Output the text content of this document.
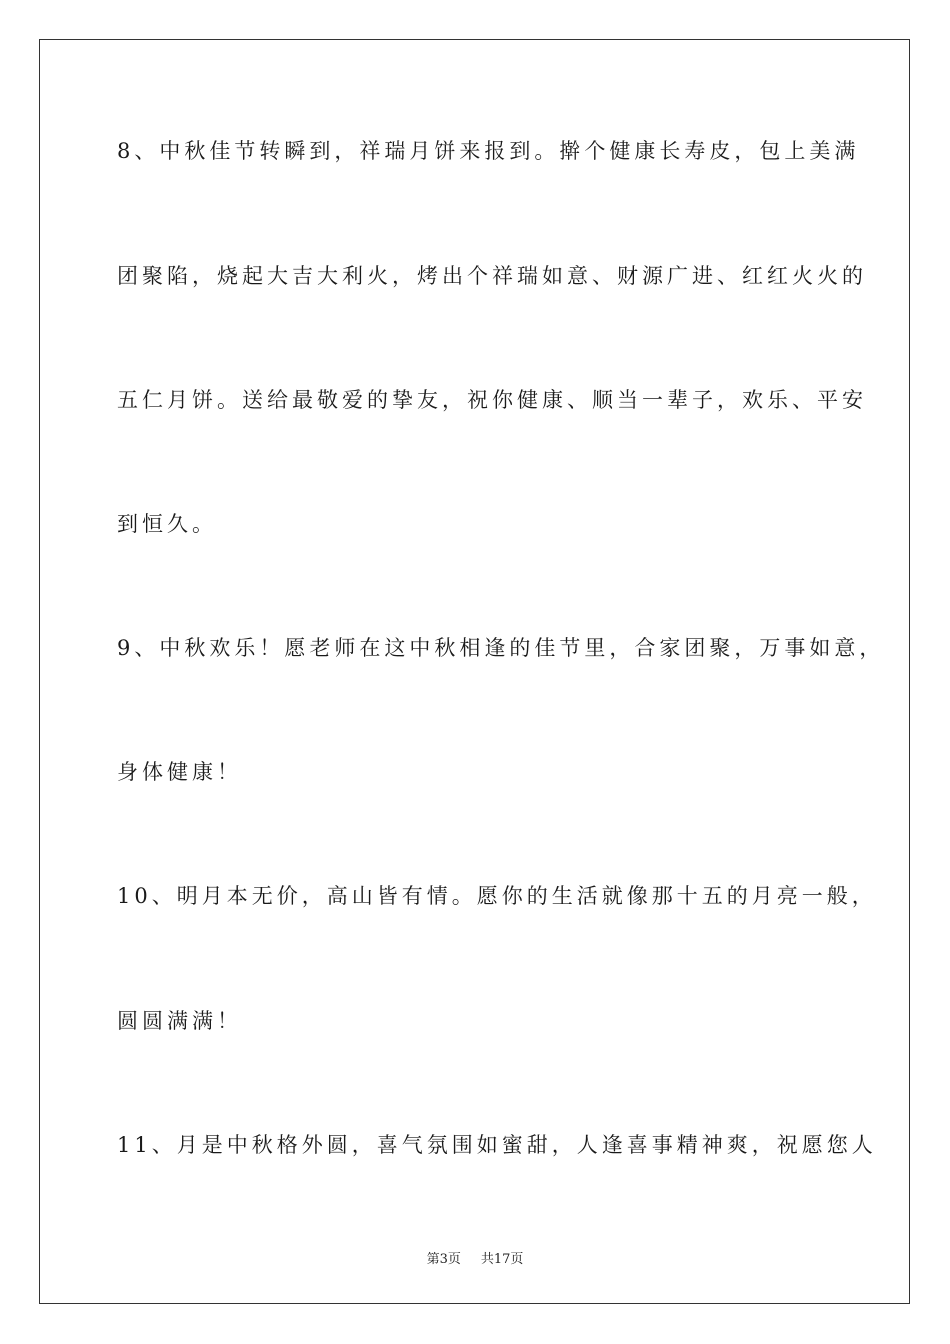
8、中秋佳节转瞬到，祥瑞月饼来报到。擀个健康长寿皮，包上美满
团聚陷，烧起大吉大利火，烤出个祥瑞如意、财源广进、红红火火的
五仁月饼。送给最敬爱的挚友，祝你健康、顺当一辈子，欢乐、平安
到恒久。
9、中秋欢乐！愿老师在这中秋相逢的佳节里，合家团聚，万事如意，
身体健康！
10、明月本无价，高山皆有情。愿你的生活就像那十五的月亮一般，
圆圆满满！
11、月是中秋格外圆，喜气氛围如蜜甜，人逢喜事精神爽，祝愿您人
第3页 共17页
